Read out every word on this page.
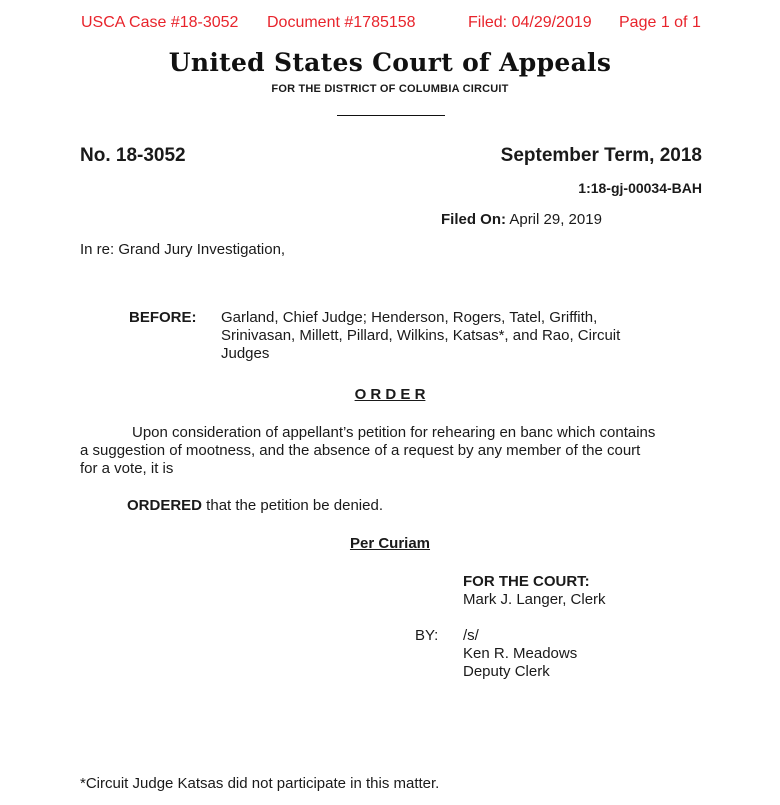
USCA Case #18-3052 Document #1785158	Filed: 04/29/2019 Page 1 of 1
United States Court of Appeals
FOR THE DISTRICT OF COLUMBIA CIRCUIT
No. 18-3052	September Term, 2018
1:18-gj-00034-BAH
Filed On: April 29, 2019
In re: Grand Jury Investigation,
BEFORE: Garland, Chief Judge; Henderson, Rogers, Tatel, Griffith,
Srinivasan, Millett, Pillard, Wilkins, Katsas*, and Rao, Circuit
Judges
O R D E R
Upon consideration of appellant’s petition for rehearing en banc which contains
a suggestion of mootness, and the absence of a request by any member of the court
for a vote, it is
ORDERED that the petition be denied.
Per Curiam
FOR THE COURT:
Mark J. Langer, Clerk
BY: /s/
Ken R. Meadows
Deputy Clerk
*Circuit Judge Katsas did not participate in this matter.
